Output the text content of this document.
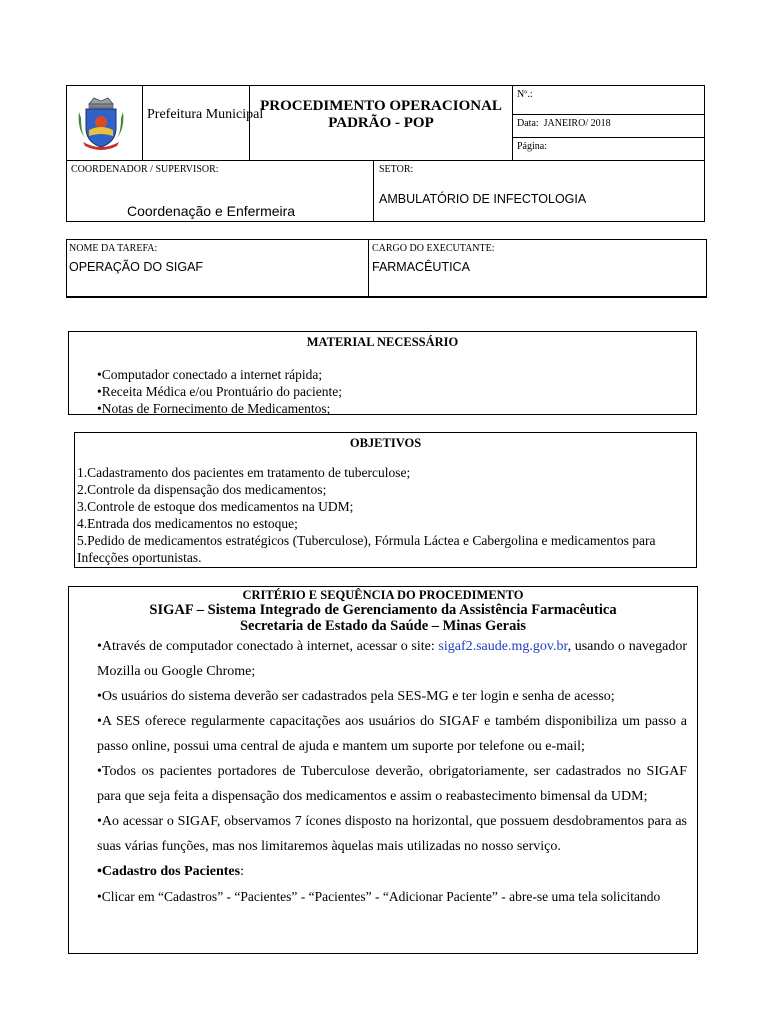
Prefeitura Municipal
PROCEDIMENTO OPERACIONAL
PADRÃO - POP
Nº.:
Data: JANEIRO/ 2018
Página:
COORDENADOR / SUPERVISOR:
Coordenação e Enfermeira
SETOR:
AMBULATÓRIO DE INFECTOLOGIA
NOME DA TAREFA:
OPERAÇÃO DO SIGAF
CARGO DO EXECUTANTE:
FARMACÊUTICA
MATERIAL NECESSÁRIO
•Computador conectado a internet rápida;
•Receita Médica e/ou Prontuário do paciente;
•Notas de Fornecimento de Medicamentos;
OBJETIVOS
1.Cadastramento dos pacientes em tratamento de tuberculose;
2.Controle da dispensação dos medicamentos;
3.Controle de estoque dos medicamentos na UDM;
4.Entrada dos medicamentos no estoque;
5.Pedido de medicamentos estratégicos (Tuberculose), Fórmula Láctea e Cabergolina e medicamentos para Infecções oportunistas.
CRITÉRIO E SEQUÊNCIA DO PROCEDIMENTO
SIGAF – Sistema Integrado de Gerenciamento da Assistência Farmacêutica
Secretaria de Estado da Saúde – Minas Gerais
•Através de computador conectado à internet, acessar o site: sigaf2.saude.mg.gov.br, usando o navegador Mozilla ou Google Chrome;
•Os usuários do sistema deverão ser cadastrados pela SES-MG e ter login e senha de acesso;
•A SES oferece regularmente capacitações aos usuários do SIGAF e também disponibiliza um passo a passo online, possui uma central de ajuda e mantem um suporte por telefone ou e-mail;
•Todos os pacientes portadores de Tuberculose deverão, obrigatoriamente, ser cadastrados no SIGAF para que seja feita a dispensação dos medicamentos e assim o reabastecimento bimensal da UDM;
•Ao acessar o SIGAF, observamos 7 ícones disposto na horizontal, que possuem desdobramentos para as suas várias funções, mas nos limitaremos àquelas mais utilizadas no nosso serviço.
•Cadastro dos Pacientes:
•Clicar em “Cadastros” - “Pacientes” - “Pacientes” - “Adicionar Paciente” - abre-se uma tela solicitando
